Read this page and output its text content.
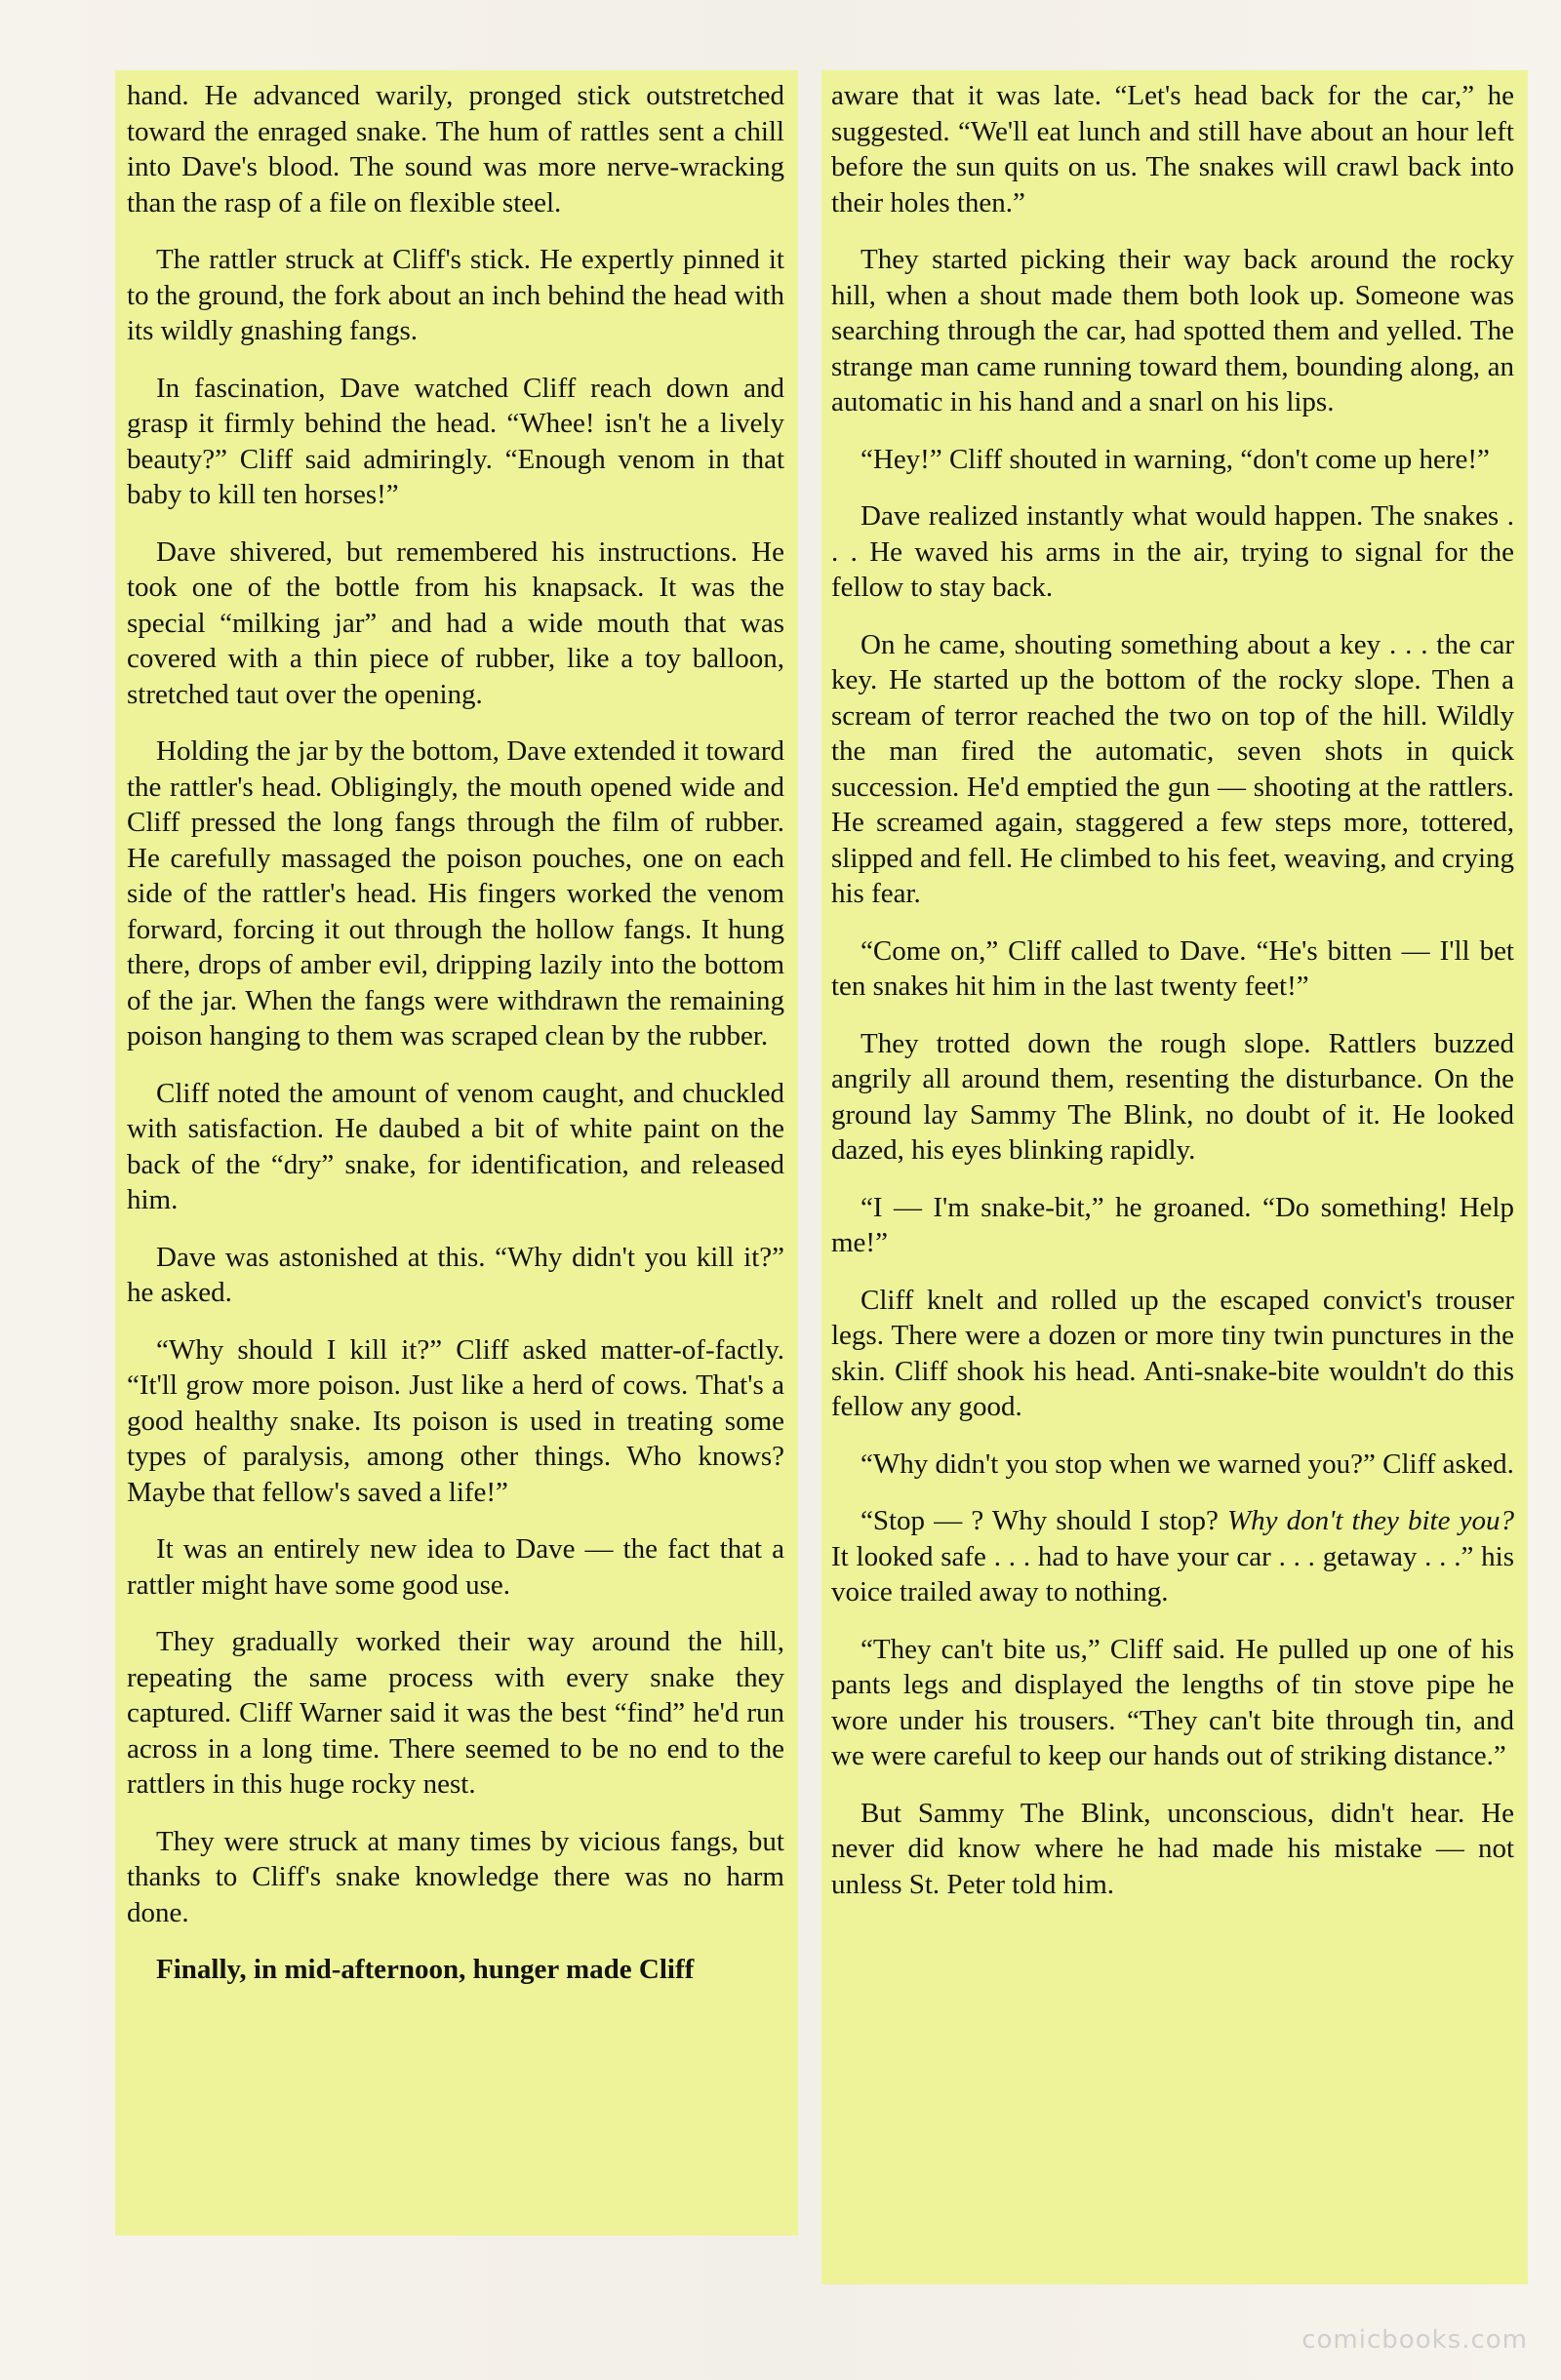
hand. He advanced warily, pronged stick outstretched toward the enraged snake. The hum of rattles sent a chill into Dave's blood. The sound was more nerve-wracking than the rasp of a file on flexible steel.

The rattler struck at Cliff's stick. He expertly pinned it to the ground, the fork about an inch behind the head with its wildly gnashing fangs.

In fascination, Dave watched Cliff reach down and grasp it firmly behind the head. “Whee! isn't he a lively beauty?” Cliff said admiringly. “Enough venom in that baby to kill ten horses!”

Dave shivered, but remembered his instructions. He took one of the bottle from his knapsack. It was the special “milking jar” and had a wide mouth that was covered with a thin piece of rubber, like a toy balloon, stretched taut over the opening.

Holding the jar by the bottom, Dave extended it toward the rattler's head. Obligingly, the mouth opened wide and Cliff pressed the long fangs through the film of rubber. He carefully massaged the poison pouches, one on each side of the rattler's head. His fingers worked the venom forward, forcing it out through the hollow fangs. It hung there, drops of amber evil, dripping lazily into the bottom of the jar. When the fangs were withdrawn the remaining poison hanging to them was scraped clean by the rubber.

Cliff noted the amount of venom caught, and chuckled with satisfaction. He daubed a bit of white paint on the back of the “dry” snake, for identification, and released him.

Dave was astonished at this. “Why didn't you kill it?” he asked.

“Why should I kill it?” Cliff asked matter-of-factly. “It'll grow more poison. Just like a herd of cows. That's a good healthy snake. Its poison is used in treating some types of paralysis, among other things. Who knows? Maybe that fellow's saved a life!”

It was an entirely new idea to Dave — the fact that a rattler might have some good use.

They gradually worked their way around the hill, repeating the same process with every snake they captured. Cliff Warner said it was the best “find” he'd run across in a long time. There seemed to be no end to the rattlers in this huge rocky nest.

They were struck at many times by vicious fangs, but thanks to Cliff's snake knowledge there was no harm done.

Finally, in mid-afternoon, hunger made Cliff

aware that it was late. “Let's head back for the car,” he suggested. “We'll eat lunch and still have about an hour left before the sun quits on us. The snakes will crawl back into their holes then.”

They started picking their way back around the rocky hill, when a shout made them both look up. Someone was searching through the car, had spotted them and yelled. The strange man came running toward them, bounding along, an automatic in his hand and a snarl on his lips.

“Hey!” Cliff shouted in warning, “don't come up here!”

Dave realized instantly what would happen. The snakes . . . He waved his arms in the air, trying to signal for the fellow to stay back.

On he came, shouting something about a key . . . the car key. He started up the bottom of the rocky slope. Then a scream of terror reached the two on top of the hill. Wildly the man fired the automatic, seven shots in quick succession. He'd emptied the gun — shooting at the rattlers. He screamed again, staggered a few steps more, tottered, slipped and fell. He climbed to his feet, weaving, and crying his fear.

“Come on,” Cliff called to Dave. “He's bitten — I'll bet ten snakes hit him in the last twenty feet!”

They trotted down the rough slope. Rattlers buzzed angrily all around them, resenting the disturbance. On the ground lay Sammy The Blink, no doubt of it. He looked dazed, his eyes blinking rapidly.

“I — I'm snake-bit,” he groaned. “Do something! Help me!”

Cliff knelt and rolled up the escaped convict's trouser legs. There were a dozen or more tiny twin punctures in the skin. Cliff shook his head. Anti-snake-bite wouldn't do this fellow any good.

“Why didn't you stop when we warned you?” Cliff asked.

“Stop — ? Why should I stop? Why don't they bite you? It looked safe . . . had to have your car . . . getaway . . .” his voice trailed away to nothing.

“They can't bite us,” Cliff said. He pulled up one of his pants legs and displayed the lengths of tin stove pipe he wore under his trousers. “They can't bite through tin, and we were careful to keep our hands out of striking distance.”

But Sammy The Blink, unconscious, didn't hear. He never did know where he had made his mistake — not unless St. Peter told him.

comicbooks.com
